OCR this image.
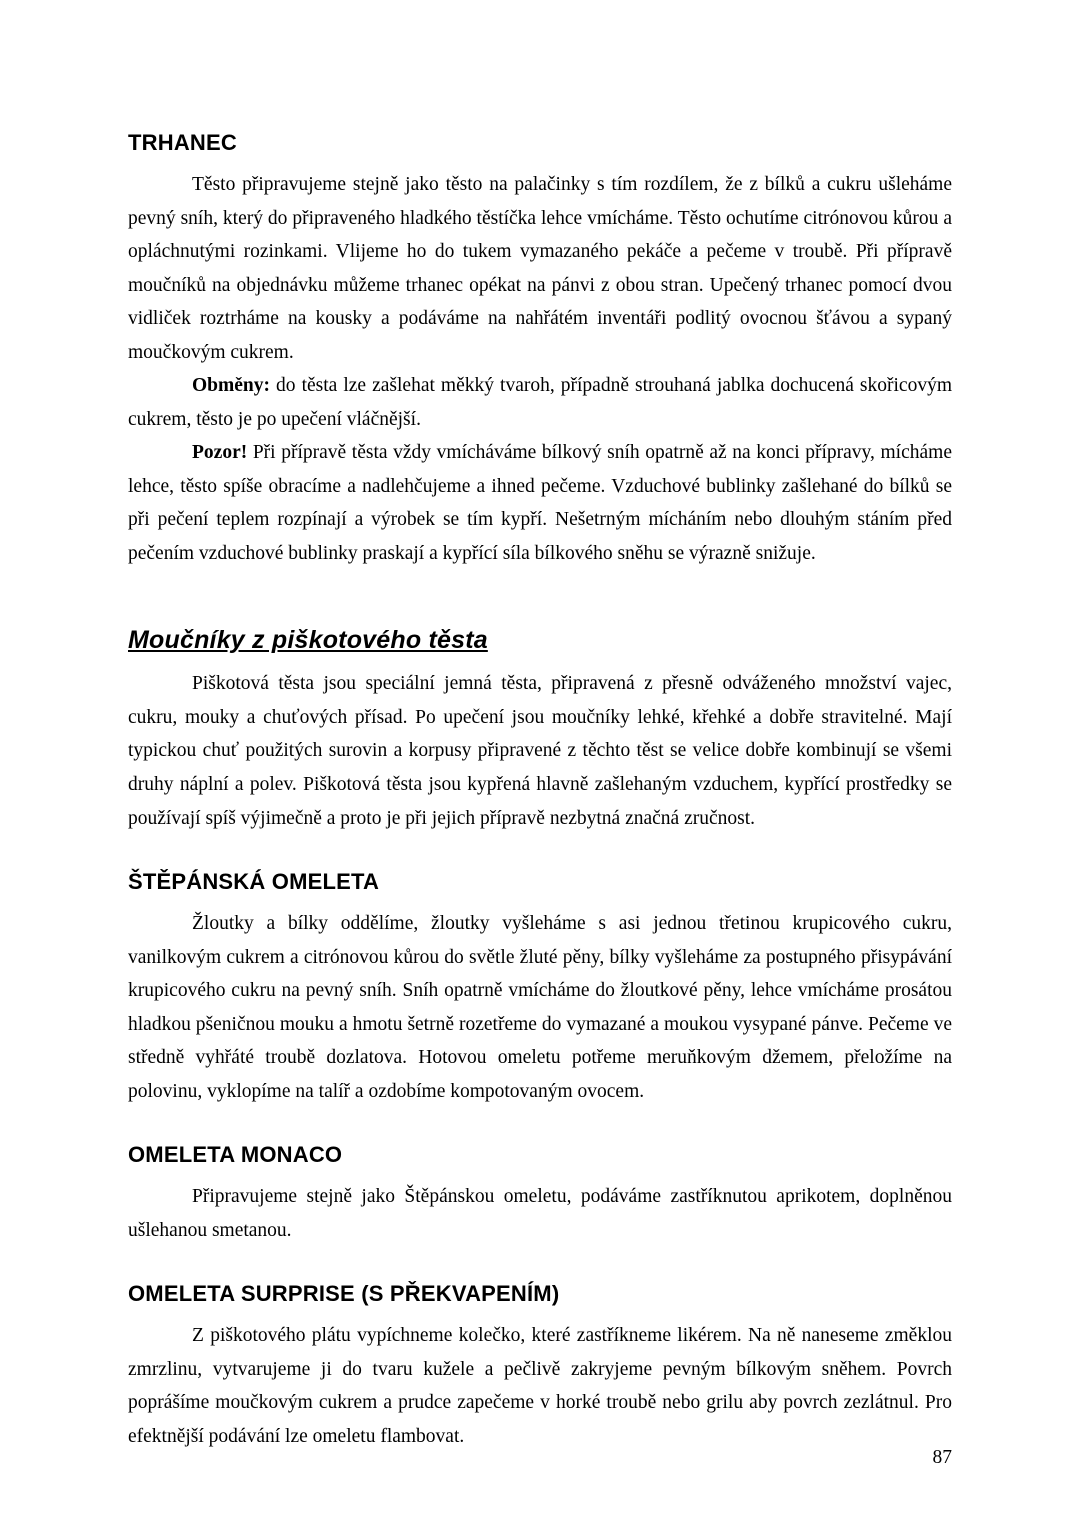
TRHANEC

Těsto připravujeme stejně jako těsto na palačinky s tím rozdílem, že z bílků a cukru ušleháme pevný sníh, který do připraveného hladkého těstíčka lehce vmícháme. Těsto ochutíme citrónovou kůrou a opláchnutými rozinkami. Vlijeme ho do tukem vymazaného pekáče a pečeme v troubě. Při přípravě moučníků na objednávku můžeme trhanec opékat na pánvi z obou stran. Upečený trhanec pomocí dvou vidliček roztrháme na kousky a podáváme na nahřátém inventáři podlitý ovocnou šťávou a sypaný moučkovým cukrem.

Obměny: do těsta lze zašlehat měkký tvaroh, případně strouhaná jablka dochucená skořicovým cukrem, těsto je po upečení vláčnější.

Pozor! Při přípravě těsta vždy vmícháváme bílkový sníh opatrně až na konci přípravy, mícháme lehce, těsto spíše obracíme a nadlehčujeme a ihned pečeme. Vzduchové bublinky zašlehané do bílků se při pečení teplem rozpínají a výrobek se tím kypří. Nešetrným mícháním nebo dlouhým stáním před pečením vzduchové bublinky praskají a kypřící síla bílkového sněhu se výrazně snižuje.

Moučníky z piškotového těsta

Piškotová těsta jsou speciální jemná těsta, připravená z přesně odváženého množství vajec, cukru, mouky a chuťových přísad. Po upečení jsou moučníky lehké, křehké a dobře stravitelné. Mají typickou chuť použitých surovin a korpusy připravené z těchto těst se velice dobře kombinují se všemi druhy náplní a polev. Piškotová těsta jsou kypřená hlavně zašlehaným vzduchem, kypřící prostředky se používají spíš výjimečně a proto je při jejich přípravě nezbytná značná zručnost.

ŠTĚPÁNSKÁ OMELETA

Žloutky a bílky oddělíme, žloutky vyšleháme s asi jednou třetinou krupicového cukru, vanilkovým cukrem a citrónovou kůrou do světle žluté pěny, bílky vyšleháme za postupného přisypávání krupicového cukru na pevný sníh. Sníh opatrně vmícháme do žloutkové pěny, lehce vmícháme prosátou hladkou pšeničnou mouku a hmotu šetrně rozetřeme do vymazané a moukou vysypané pánve. Pečeme ve středně vyhřáté troubě dozlatova. Hotovou omeletu potřeme meruňkovým džemem, přeložíme na polovinu, vyklopíme na talíř a ozdobíme kompotovaným ovocem.

OMELETA MONACO

Připravujeme stejně jako Štěpánskou omeletu, podáváme zastříknutou aprikotem, doplněnou ušlehanou smetanou.

OMELETA SURPRISE (S PŘEKVAPENÍM)

Z piškotového plátu vypíchneme kolečko, které zastříkneme likérem. Na ně naneseme změklou zmrzlinu, vytvarujeme ji do tvaru kužele a pečlivě zakryjeme pevným bílkovým sněhem. Povrch poprášíme moučkovým cukrem a prudce zapečeme v horké troubě nebo grilu aby povrch zezlátnul. Pro efektnější podávání lze omeletu flambovat.

87
